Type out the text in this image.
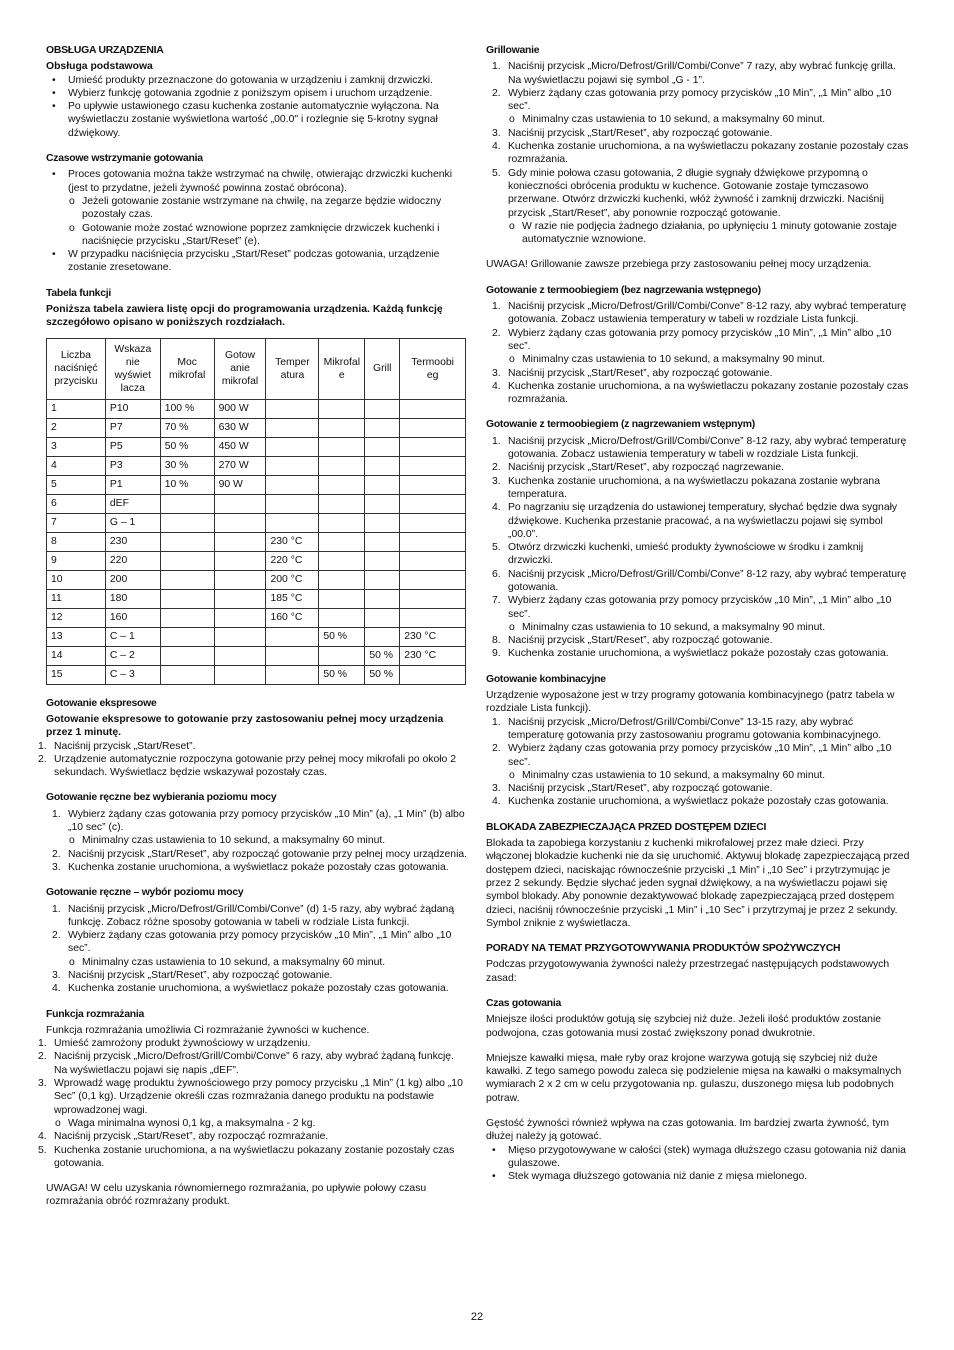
OBSŁUGA URZĄDZENIA

Obsługa podstawowa

• Umieść produkty przeznaczone do gotowania w urządzeniu i zamknij drzwiczki.
• Wybierz funkcję gotowania zgodnie z poniższym opisem i uruchom urządzenie.
• Po upływie ustawionego czasu kuchenka zostanie automatycznie wyłączona. Na wyświetlaczu zostanie wyświetlona wartość „00.0" i rozlegnie się 5-krotny sygnał dźwiękowy.
Czasowe wstrzymanie gotowania
• Proces gotowania można także wstrzymać na chwilę, otwierając drzwiczki kuchenki (jest to przydatne, jeżeli żywność powinna zostać obrócona).
o Jeżeli gotowanie zostanie wstrzymane na chwilę, na zegarze będzie widoczny pozostały czas.
o Gotowanie może zostać wznowione poprzez zamknięcie drzwiczek kuchenki i naciśnięcie przycisku „Start/Reset” (e).
• W przypadku naciśnięcia przycisku „Start/Reset” podczas gotowania, urządzenie zostanie zresetowane.
Tabela funkcji

Poniższa tabela zawiera listę opcji do programowania urządzenia. Każdą funkcję szczegółowo opisano w poniższych rozdziałach.

Liczba naciśnięć przycisku	Wskaza nie wyświet lacza	Moc mikrofal	Gotow anie mikrofal	Temper atura	Mikrofal e	Grill	Termoobi eg
1	P10	100 %	900 W				
2	P7	70 %	630 W				
3	P5	50 %	450 W				
4	P3	30 %	270 W				
5	P1	10 %	90 W				
6	dEF						
7	G – 1						
8	230			230 °C			
9	220			220 °C			
10	200			200 °C			
11	180			185 °C			
12	160			160 °C			
13	C – 1				50 %		230 °C
14	C – 2					50 %	230 °C
15	C – 3				50 %	50 %	
Gotowanie ekspresowe

Gotowanie ekspresowe to gotowanie przy zastosowaniu pełnej mocy urządzenia przez 1 minutę.

1. Naciśnij przycisk „Start/Reset”.
2. Urządzenie automatycznie rozpoczyna gotowanie przy pełnej mocy mikrofali po około 2 sekundach. Wyświetlacz będzie wskazywał pozostały czas.
Gotowanie ręczne bez wybierania poziomu mocy
1. Wybierz żądany czas gotowania przy pomocy przycisków „10 Min” (a), „1 Min” (b) albo „10 sec” (c).
o Minimalny czas ustawienia to 10 sekund, a maksymalny 60 minut.
2. Naciśnij przycisk „Start/Reset”, aby rozpocząć gotowanie przy pełnej mocy urządzenia.
3. Kuchenka zostanie uruchomiona, a wyświetlacz pokaże pozostały czas gotowania.
Gotowanie ręczne – wybór poziomu mocy
1. Naciśnij przycisk „Micro/Defrost/Grill/Combi/Conve” (d) 1-5 razy, aby wybrać żądaną funkcję. Zobacz różne sposoby gotowania w tabeli w rodziale Lista funkcji.
2. Wybierz żądany czas gotowania przy pomocy przycisków „10 Min”, „1 Min” albo „10 sec”.
o Minimalny czas ustawienia to 10 sekund, a maksymalny 60 minut.
3. Naciśnij przycisk „Start/Reset”, aby rozpocząć gotowanie.
4. Kuchenka zostanie uruchomiona, a wyświetlacz pokaże pozostały czas gotowania.
Funkcja rozmrażania

Funkcja rozmrażania umożliwia Ci rozmrażanie żywności w kuchence.

1. Umieść zamrożony produkt żywnościowy w urządzeniu.
2. Naciśnij przycisk „Micro/Defrost/Grill/Combi/Conve” 6 razy, aby wybrać żądaną funkcję. Na wyświetlaczu pojawi się napis „dEF”.
3. Wprowadź wagę produktu żywnościowego przy pomocy przycisku „1 Min” (1 kg) albo „10 Sec” (0,1 kg). Urządzenie określi czas rozmrażania danego produktu na podstawie wprowadzonej wagi.
o Waga minimalna wynosi 0,1 kg, a maksymalna - 2 kg.
4. Naciśnij przycisk „Start/Reset”, aby rozpocząć rozmrażanie.
5. Kuchenka zostanie uruchomiona, a na wyświetlaczu pokazany zostanie pozostały czas gotowania.

UWAGA! W celu uzyskania równomiernego rozmrażania, po upływie połowy czasu rozmrażania obróć rozmrażany produkt.

Grillowanie
1. Naciśnij przycisk „Micro/Defrost/Grill/Combi/Conve” 7 razy, aby wybrać funkcję grilla. Na wyświetlaczu pojawi się symbol „G - 1”.
2. Wybierz żądany czas gotowania przy pomocy przycisków „10 Min”, „1 Min” albo „10 sec”.
o Minimalny czas ustawienia to 10 sekund, a maksymalny 60 minut.
3. Naciśnij przycisk „Start/Reset”, aby rozpocząć gotowanie.
4. Kuchenka zostanie uruchomiona, a na wyświetlaczu pokazany zostanie pozostały czas rozmrażania.
5. Gdy minie połowa czasu gotowania, 2 długie sygnały dźwiękowe przypomną o konieczności obrócenia produktu w kuchence. Gotowanie zostaje tymczasowo przerwane. Otwórz drzwiczki kuchenki, włóż żywność i zamknij drzwiczki. Naciśnij przycisk „Start/Reset”, aby ponownie rozpocząć gotowanie.
o W razie nie podjęcia żadnego działania, po upłynięciu 1 minuty gotowanie zostaje automatycznie wznowione.

UWAGA! Grillowanie zawsze przebiega przy zastosowaniu pełnej mocy urządzenia.

Gotowanie z termoobiegiem (bez nagrzewania wstępnego)
1. Naciśnij przycisk „Micro/Defrost/Grill/Combi/Conve” 8-12 razy, aby wybrać temperaturę gotowania. Zobacz ustawienia temperatury w tabeli w rozdziale Lista funkcji.
2. Wybierz żądany czas gotowania przy pomocy przycisków „10 Min”, „1 Min” albo „10 sec”.
o Minimalny czas ustawienia to 10 sekund, a maksymalny 90 minut.
3. Naciśnij przycisk „Start/Reset”, aby rozpocząć gotowanie.
4. Kuchenka zostanie uruchomiona, a na wyświetlaczu pokazany zostanie pozostały czas rozmrażania.
Gotowanie z termoobiegiem (z nagrzewaniem wstępnym)
1. Naciśnij przycisk „Micro/Defrost/Grill/Combi/Conve” 8-12 razy, aby wybrać temperaturę gotowania. Zobacz ustawienia temperatury w tabeli w rozdziale Lista funkcji.
2. Naciśnij przycisk „Start/Reset”, aby rozpocząć nagrzewanie.
3. Kuchenka zostanie uruchomiona, a na wyświetlaczu pokazana zostanie wybrana temperatura.
4. Po nagrzaniu się urządzenia do ustawionej temperatury, słychać będzie dwa sygnały dźwiękowe. Kuchenka przestanie pracować, a na wyświetlaczu pojawi się symbol „00.0”.
5. Otwórz drzwiczki kuchenki, umieść produkty żywnościowe w środku i zamknij drzwiczki.
6. Naciśnij przycisk „Micro/Defrost/Grill/Combi/Conve” 8-12 razy, aby wybrać temperaturę gotowania.
7. Wybierz żądany czas gotowania przy pomocy przycisków „10 Min”, „1 Min” albo „10 sec”.
o Minimalny czas ustawienia to 10 sekund, a maksymalny 90 minut.
8. Naciśnij przycisk „Start/Reset”, aby rozpocząć gotowanie.
9. Kuchenka zostanie uruchomiona, a wyświetlacz pokaże pozostały czas gotowania.
Gotowanie kombinacyjne

Urządzenie wyposażone jest w trzy programy gotowania kombinacyjnego (patrz tabela w rozdziale Lista funkcji).

1. Naciśnij przycisk „Micro/Defrost/Grill/Combi/Conve” 13-15 razy, aby wybrać temperaturę gotowania przy zastosowaniu programu gotowania kombinacyjnego.
2. Wybierz żądany czas gotowania przy pomocy przycisków „10 Min”, „1 Min” albo „10 sec”.
o Minimalny czas ustawienia to 10 sekund, a maksymalny 60 minut.
3. Naciśnij przycisk „Start/Reset”, aby rozpocząć gotowanie.
4. Kuchenka zostanie uruchomiona, a wyświetlacz pokaże pozostały czas gotowania.
BLOKADA ZABEZPIECZAJĄCA PRZED DOSTĘPEM DZIECI

Blokada ta zapobiega korzystaniu z kuchenki mikrofalowej przez małe dzieci. Przy włączonej blokadzie kuchenki nie da się uruchomić. Aktywuj blokadę zapezpieczającą przed dostępem dzieci, naciskając równocześnie przyciski „1 Min” i „10 Sec” i przytrzymując je przez 2 sekundy. Będzie słychać jeden sygnał dźwiękowy, a na wyświetlaczu pojawi się symbol blokady. Aby ponownie dezaktywować blokadę zapezpieczającą przed dostępem dzieci, naciśnij równocześnie przyciski „1 Min” i „10 Sec” i przytrzymaj je przez 2 sekundy. Symbol zniknie z wyświetlacza.

PORADY NA TEMAT PRZYGOTOWYWANIA PRODUKTÓW SPOŻYWCZYCH

Podczas przygotowywania żywności należy przestrzegać następujących podstawowych zasad:

Czas gotowania

Mniejsze ilości produktów gotują się szybciej niż duże. Jeżeli ilość produktów zostanie podwojona, czas gotowania musi zostać zwiększony ponad dwukrotnie.

Mniejsze kawałki mięsa, małe ryby oraz krojone warzywa gotują się szybciej niż duże kawałki. Z tego samego powodu zaleca się podzielenie mięsa na kawałki o maksymalnych wymiarach 2 x 2 cm w celu przygotowania np. gulaszu, duszonego mięsa lub podobnych potraw.

Gęstość żywności również wpływa na czas gotowania. Im bardziej zwarta żywność, tym dłużej należy ją gotować.

• Mięso przygotowywane w całości (stek) wymaga dłuższego czasu gotowania niż dania gulaszowe.
• Stek wymaga dłuższego gotowania niż danie z mięsa mielonego.
22
